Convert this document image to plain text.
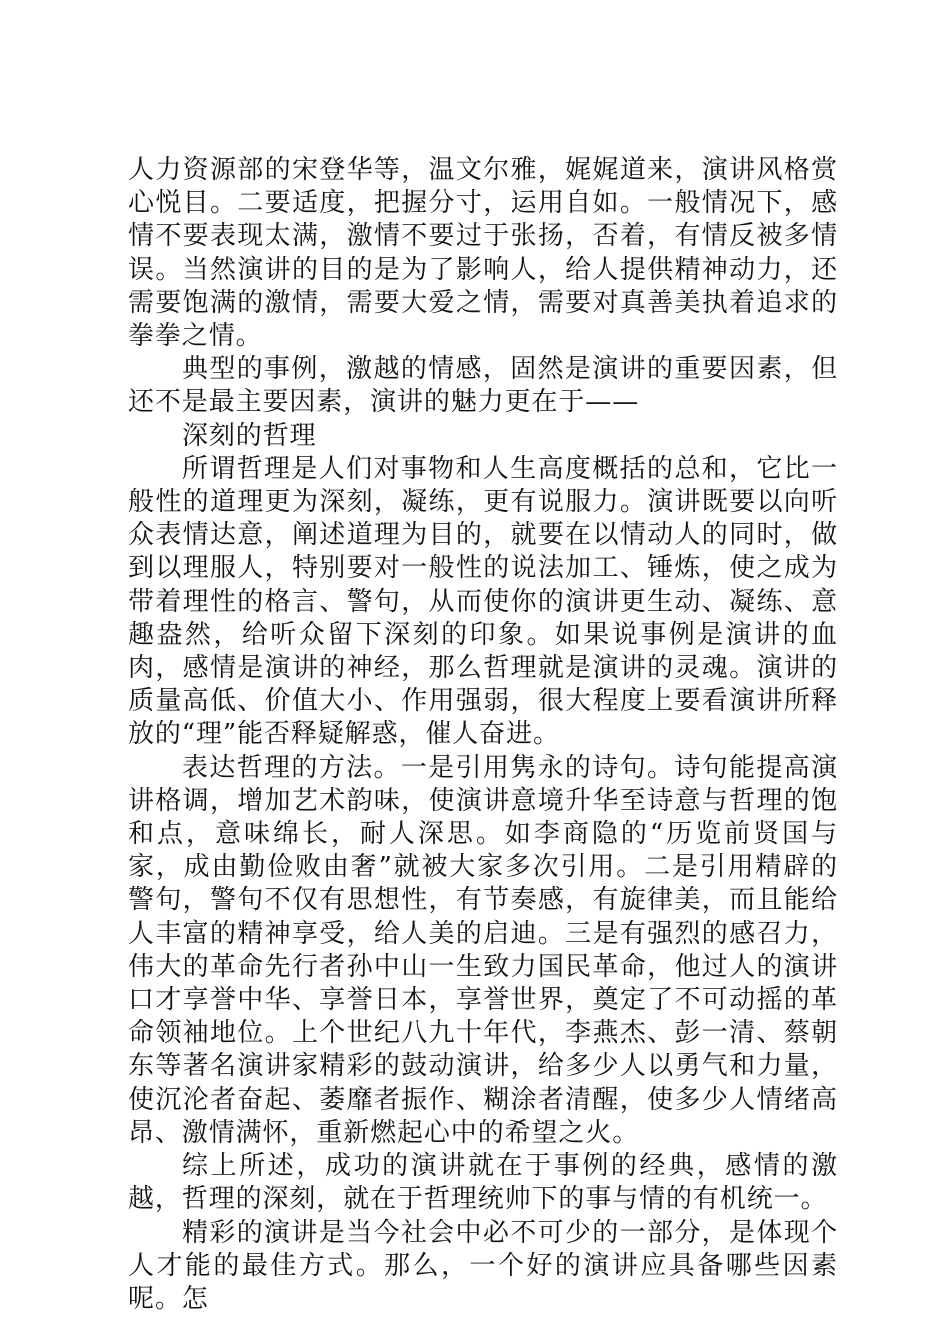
人力资源部的宋登华等，温文尔雅，娓娓道来，演讲风格赏心悦目。二要适度，把握分寸，运用自如。一般情况下，感情不要表现太满，激情不要过于张扬，否着，有情反被多情误。当然演讲的目的是为了影响人，给人提供精神动力，还需要饱满的激情，需要大爱之情，需要对真善美执着追求的拳拳之情。

典型的事例，激越的情感，固然是演讲的重要因素，但还不是最主要因素，演讲的魅力更在于——

深刻的哲理

所谓哲理是人们对事物和人生高度概括的总和，它比一般性的道理更为深刻，凝练，更有说服力。演讲既要以向听众表情达意，阐述道理为目的，就要在以情动人的同时，做到以理服人，特别要对一般性的说法加工、锤炼，使之成为带着理性的格言、警句，从而使你的演讲更生动、凝练、意趣盎然，给听众留下深刻的印象。如果说事例是演讲的血肉，感情是演讲的神经，那么哲理就是演讲的灵魂。演讲的质量高低、价值大小、作用强弱，很大程度上要看演讲所释放的“理”能否释疑解惑，催人奋进。

表达哲理的方法。一是引用隽永的诗句。诗句能提高演讲格调，增加艺术韵味，使演讲意境升华至诗意与哲理的饱和点，意味绵长，耐人深思。如李商隐的“历览前贤国与家，成由勤俭败由奢”就被大家多次引用。二是引用精辟的警句，警句不仅有思想性，有节奏感，有旋律美，而且能给人丰富的精神享受，给人美的启迪。三是有强烈的感召力，伟大的革命先行者孙中山一生致力国民革命，他过人的演讲口才享誉中华、享誉日本，享誉世界，奠定了不可动摇的革命领袖地位。上个世纪八九十年代，李燕杰、彭一清、蔡朝东等著名演讲家精彩的鼓动演讲，给多少人以勇气和力量，使沉沦者奋起、萎靡者振作、糊涂者清醒，使多少人情绪高昂、激情满怀，重新燃起心中的希望之火。

综上所述，成功的演讲就在于事例的经典，感情的激越，哲理的深刻，就在于哲理统帅下的事与情的有机统一。

精彩的演讲是当今社会中必不可少的一部分，是体现个人才能的最佳方式。那么，一个好的演讲应具备哪些因素呢。怎
